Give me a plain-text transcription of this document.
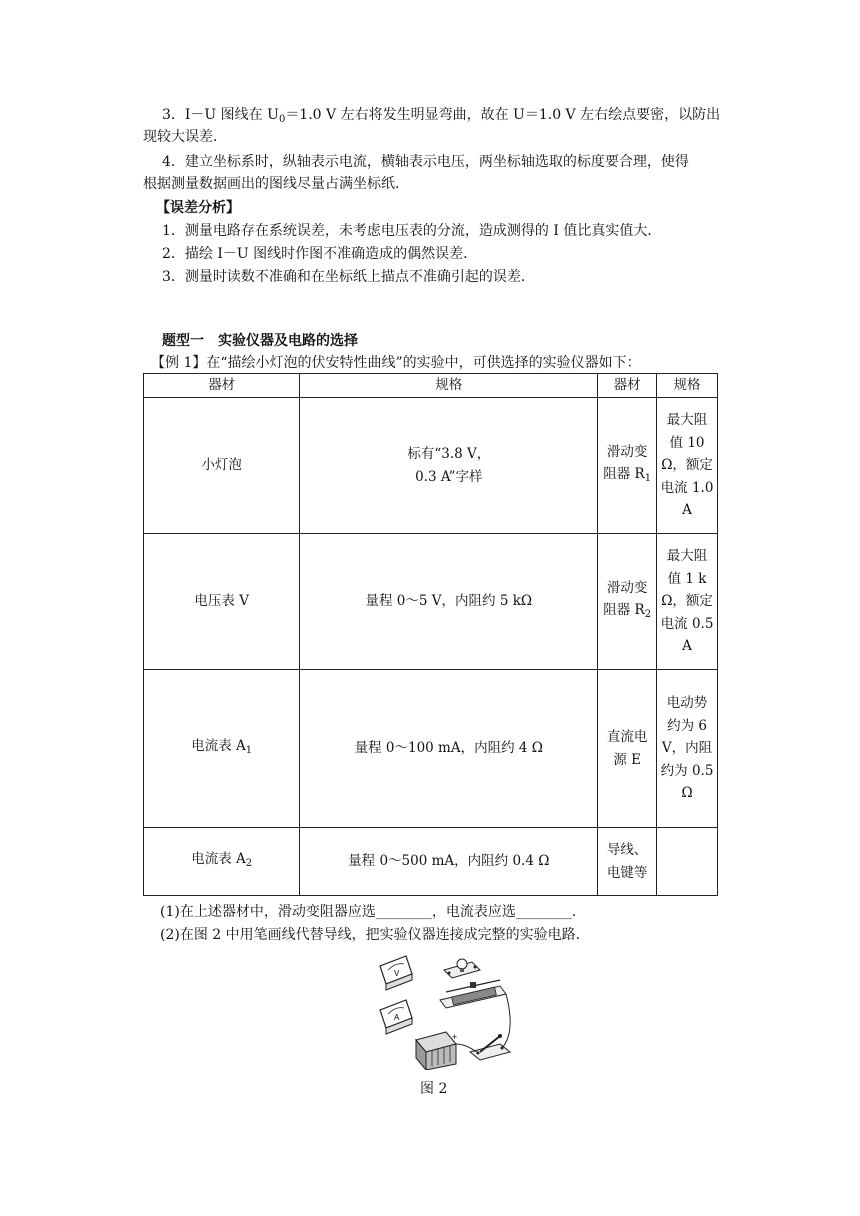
3．I－U 图线在 $U_0=1.0$ V 左右将发生明显弯曲，故在 U＝1.0 V 左右绘点要密，以防出
现较大误差．
4．建立坐标系时，纵轴表示电流，横轴表示电压，两坐标轴选取的标度要合理，使得
根据测量数据画出的图线尽量占满坐标纸．
【误差分析】
1．测量电路存在系统误差，未考虑电压表的分流，造成测得的 I 值比真实值大．
2．描绘 I－U 图线时作图不准确造成的偶然误差．
3．测量时读数不准确和在坐标纸上描点不准确引起的误差．
题型一　实验仪器及电路的选择
【例 1】在“描绘小灯泡的伏安特性曲线”的实验中，可供选择的实验仪器如下：
器材	规格	器材	规格
小灯泡	标有“3.8 V，
0.3 A”字样	滑动变阻器 $R_1$	最大阻值 10 Ω，额定电流 1.0 A
电压表 V	量程 0～5 V，内阻约 5 kΩ	滑动变阻器 $R_2$	最大阻值 1 kΩ，额定电流 0.5 A
电流表 $A_1$	量程 0～100 mA，内阻约 4 Ω	直流电源 E	电动势约为 6 V，内阻约为 0.5 Ω
电流表 $A_2$	量程 0～500 mA，内阻约 0.4 Ω	导线、电键等	
(1)在上述器材中，滑动变阻器应选________，电流表应选________．
(2)在图 2 中用笔画线代替导线，把实验仪器连接成完整的实验电路．
V
A
+
图 2
